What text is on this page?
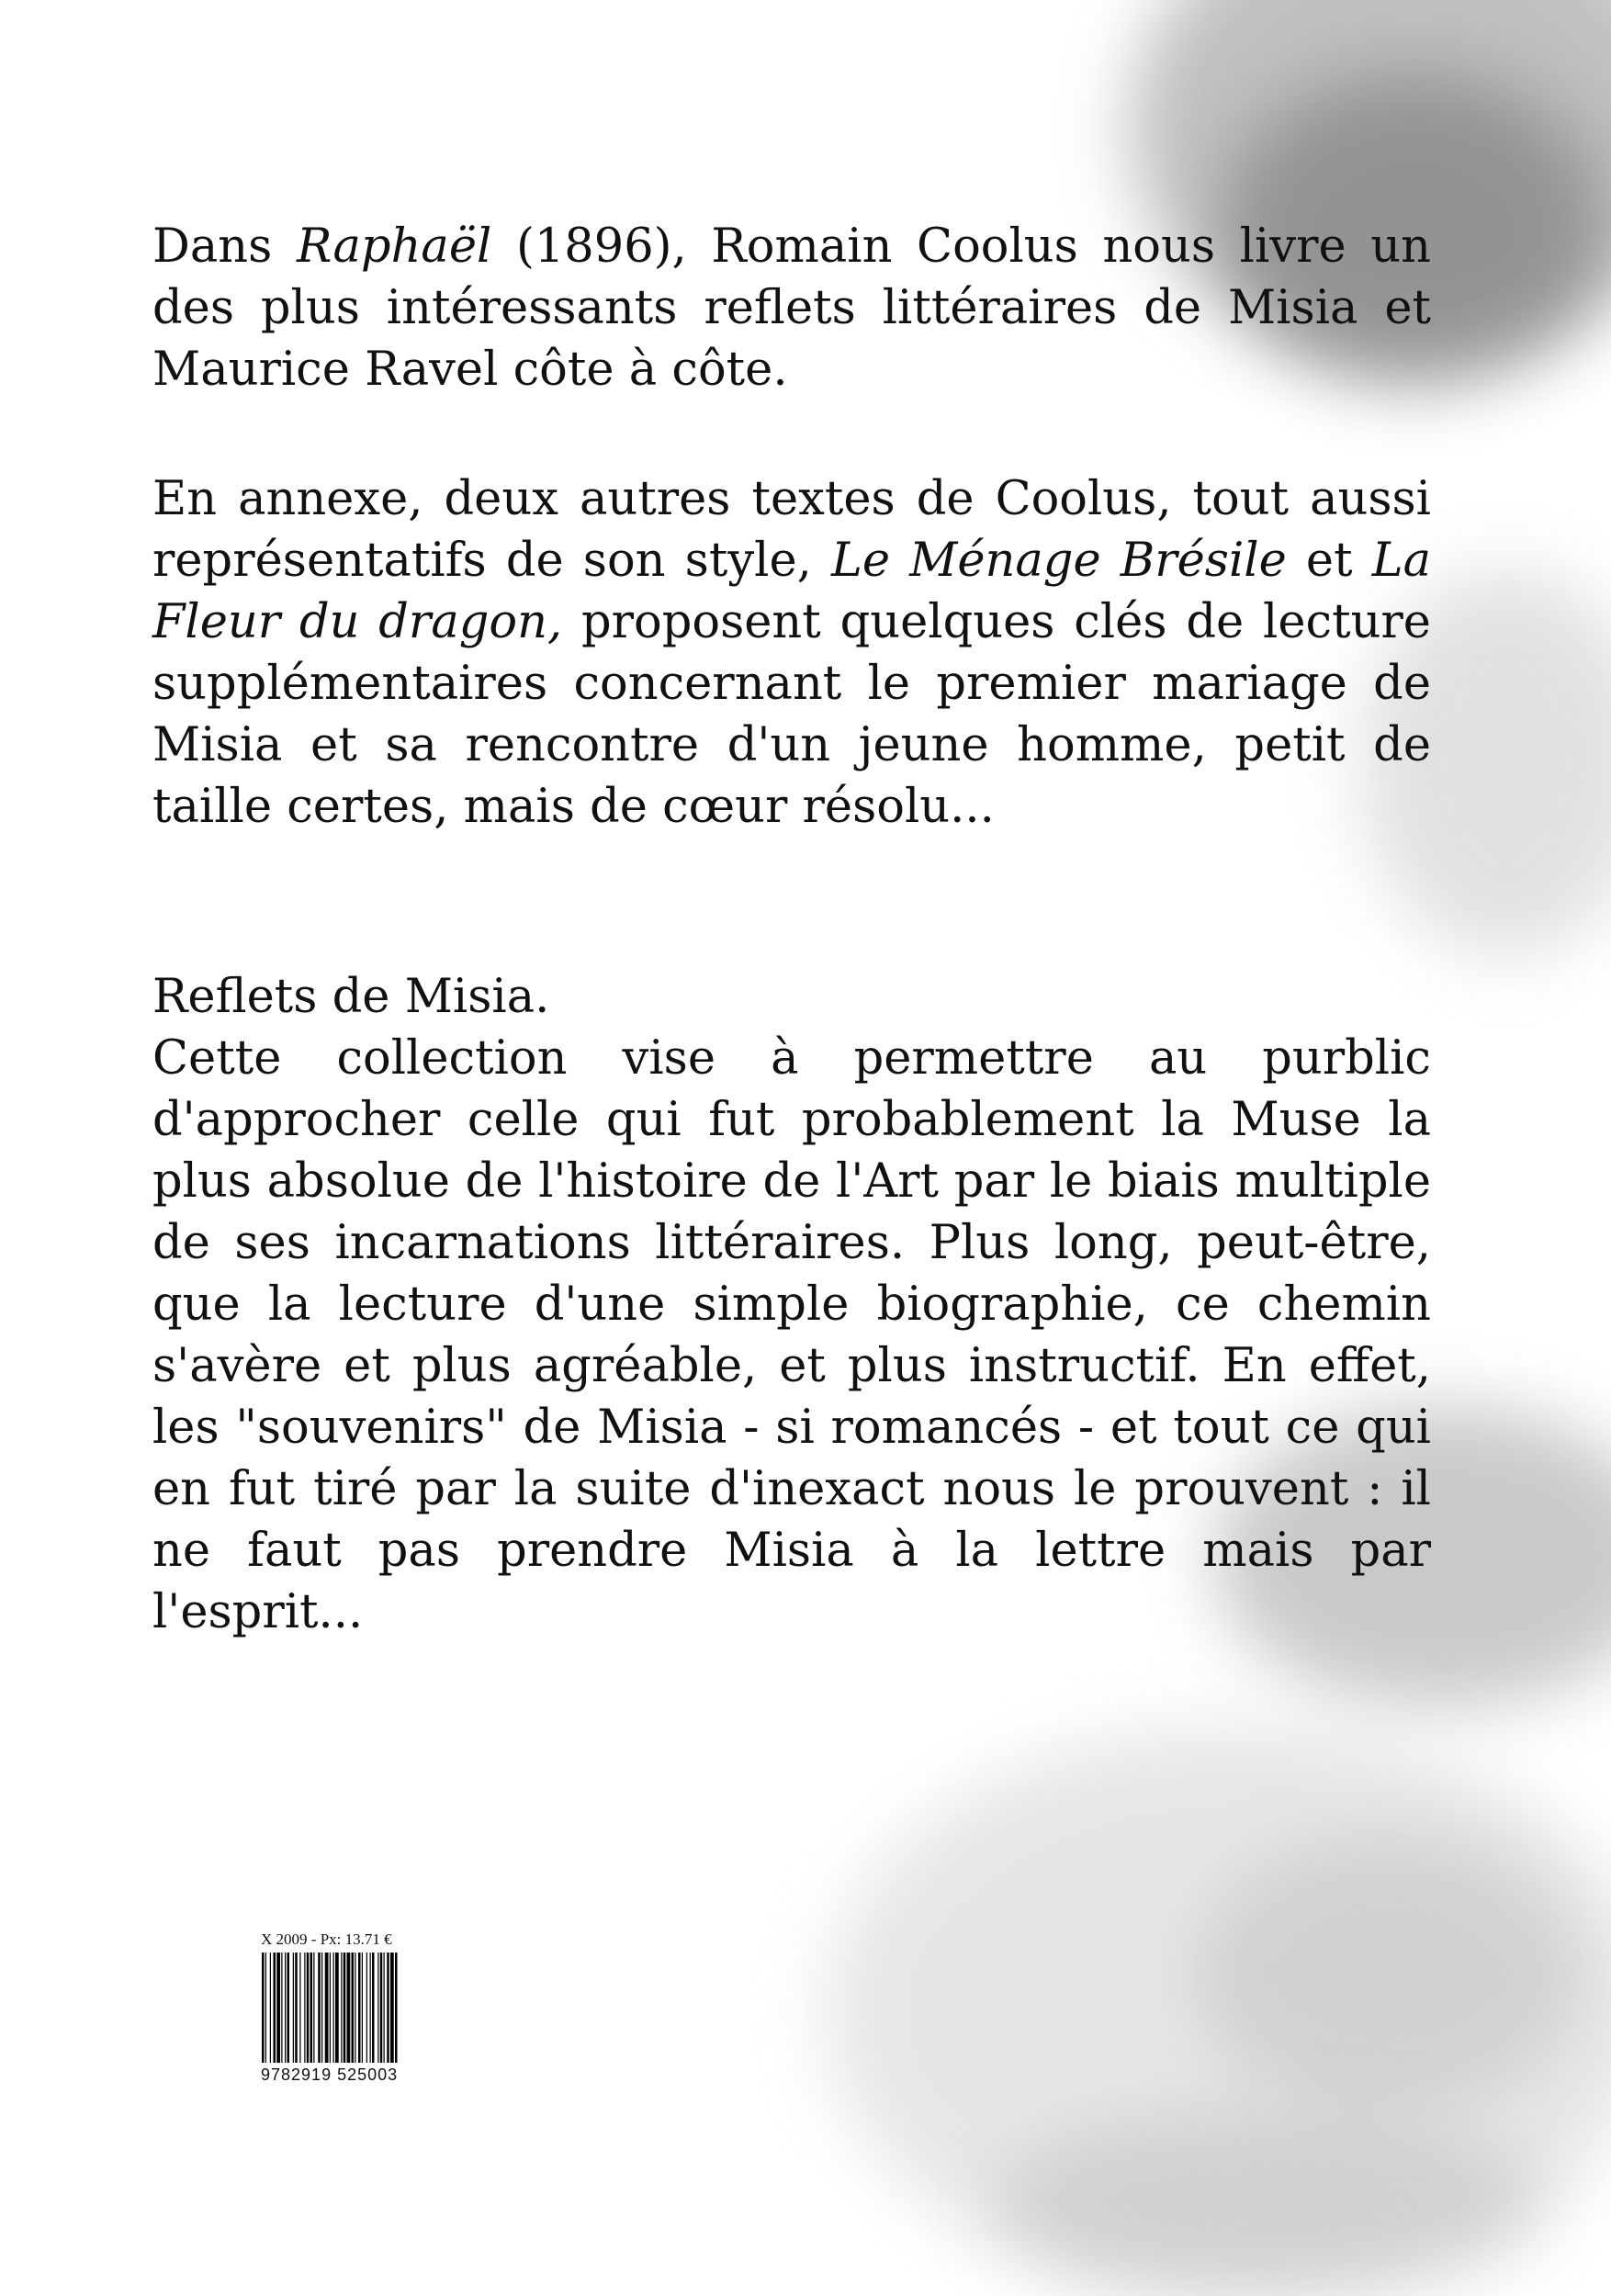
Dans Raphaël (1896), Romain Coolus nous livre un des plus intéressants reflets littéraires de Misia et Maurice Ravel côte à côte.

En annexe, deux autres textes de Coolus, tout aussi représentatifs de son style, Le Ménage Brésile et La Fleur du dragon, proposent quelques clés de lecture supplémentaires concernant le premier mariage de Misia et sa rencontre d'un jeune homme, petit de taille certes, mais de cœur résolu...

Reflets de Misia.

Cette collection vise à permettre au purblic d'approcher celle qui fut probablement la Muse la plus absolue de l'histoire de l'Art par le biais multiple de ses incarnations littéraires. Plus long, peut-être, que la lecture d'une simple biographie, ce chemin s'avère et plus agréable, et plus instructif. En effet, les "souvenirs" de Misia - si romancés - et tout ce qui en fut tiré par la suite d'inexact nous le prouvent : il ne faut pas prendre Misia à la lettre mais par l'esprit...

X 2009 - Px: 13.71 €
9782919 525003
